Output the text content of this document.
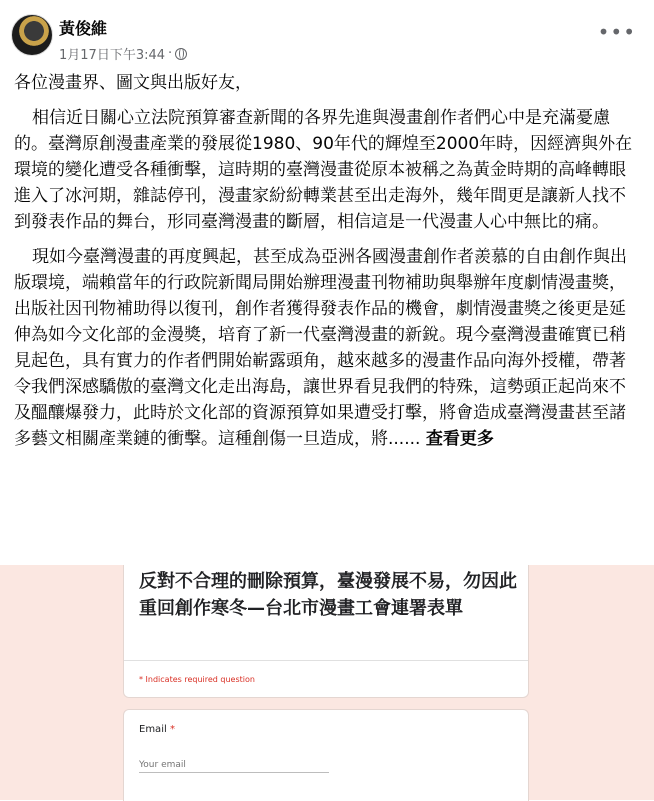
黃俊維
1月17日下午3:44 ·
•••

各位漫畫界、圖文與出版好友，

相信近日關心立法院預算審查新聞的各界先進與漫畫創作者們心中是充滿憂慮的。臺灣原創漫畫產業的發展從1980、90年代的輝煌至2000年時，因經濟與外在環境的變化遭受各種衝擊，這時期的臺灣漫畫從原本被稱之為黃金時期的高峰轉眼進入了冰河期，雜誌停刊，漫畫家紛紛轉業甚至出走海外，幾年間更是讓新人找不到發表作品的舞台，形同臺灣漫畫的斷層，相信這是一代漫畫人心中無比的痛。

現如今臺灣漫畫的再度興起，甚至成為亞洲各國漫畫創作者羨慕的自由創作與出版環境，端賴當年的行政院新聞局開始辦理漫畫刊物補助與舉辦年度劇情漫畫獎，出版社因刊物補助得以復刊，創作者獲得發表作品的機會，劇情漫畫獎之後更是延伸為如今文化部的金漫獎，培育了新一代臺灣漫畫的新銳。現今臺灣漫畫確實已稍見起色，具有實力的作者們開始嶄露頭角，越來越多的漫畫作品向海外授權，帶著令我們深感驕傲的臺灣文化走出海島，讓世界看見我們的特殊，這勢頭正起尚來不及醞釀爆發力，此時於文化部的資源預算如果遭受打擊，將會造成臺灣漫畫甚至諸多藝文相關產業鏈的衝擊。這種創傷一旦造成，將...... 查看更多

反對不合理的刪除預算，臺漫發展不易，勿因此重回創作寒冬—台北市漫畫工會連署表單
* Indicates required question
Email *
Your email
